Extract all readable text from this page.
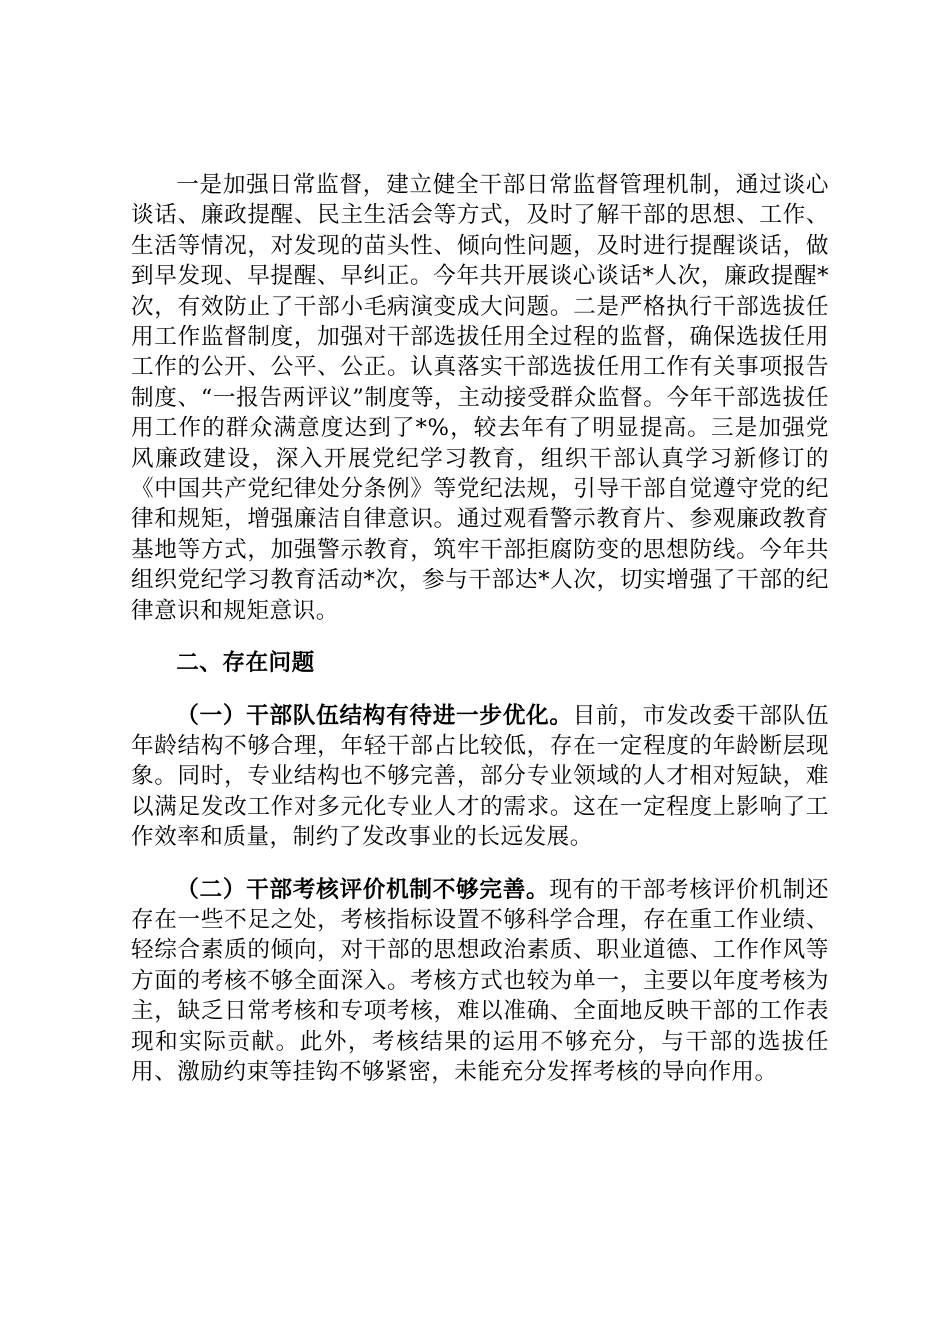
一是加强日常监督，建立健全干部日常监督管理机制，通过谈心谈话、廉政提醒、民主生活会等方式，及时了解干部的思想、工作、生活等情况，对发现的苗头性、倾向性问题，及时进行提醒谈话，做到早发现、早提醒、早纠正。今年共开展谈心谈话*人次，廉政提醒*次，有效防止了干部小毛病演变成大问题。二是严格执行干部选拔任用工作监督制度，加强对干部选拔任用全过程的监督，确保选拔任用工作的公开、公平、公正。认真落实干部选拔任用工作有关事项报告制度、“一报告两评议”制度等，主动接受群众监督。今年干部选拔任用工作的群众满意度达到了*%，较去年有了明显提高。三是加强党风廉政建设，深入开展党纪学习教育，组织干部认真学习新修订的《中国共产党纪律处分条例》等党纪法规，引导干部自觉遵守党的纪律和规矩，增强廉洁自律意识。通过观看警示教育片、参观廉政教育基地等方式，加强警示教育，筑牢干部拒腐防变的思想防线。今年共组织党纪学习教育活动*次，参与干部达*人次，切实增强了干部的纪律意识和规矩意识。

二、存在问题

（一）干部队伍结构有待进一步优化。目前，市发改委干部队伍年龄结构不够合理，年轻干部占比较低，存在一定程度的年龄断层现象。同时，专业结构也不够完善，部分专业领域的人才相对短缺，难以满足发改工作对多元化专业人才的需求。这在一定程度上影响了工作效率和质量，制约了发改事业的长远发展。

（二）干部考核评价机制不够完善。现有的干部考核评价机制还存在一些不足之处，考核指标设置不够科学合理，存在重工作业绩、轻综合素质的倾向，对干部的思想政治素质、职业道德、工作作风等方面的考核不够全面深入。考核方式也较为单一，主要以年度考核为主，缺乏日常考核和专项考核，难以准确、全面地反映干部的工作表现和实际贡献。此外，考核结果的运用不够充分，与干部的选拔任用、激励约束等挂钩不够紧密，未能充分发挥考核的导向作用。
